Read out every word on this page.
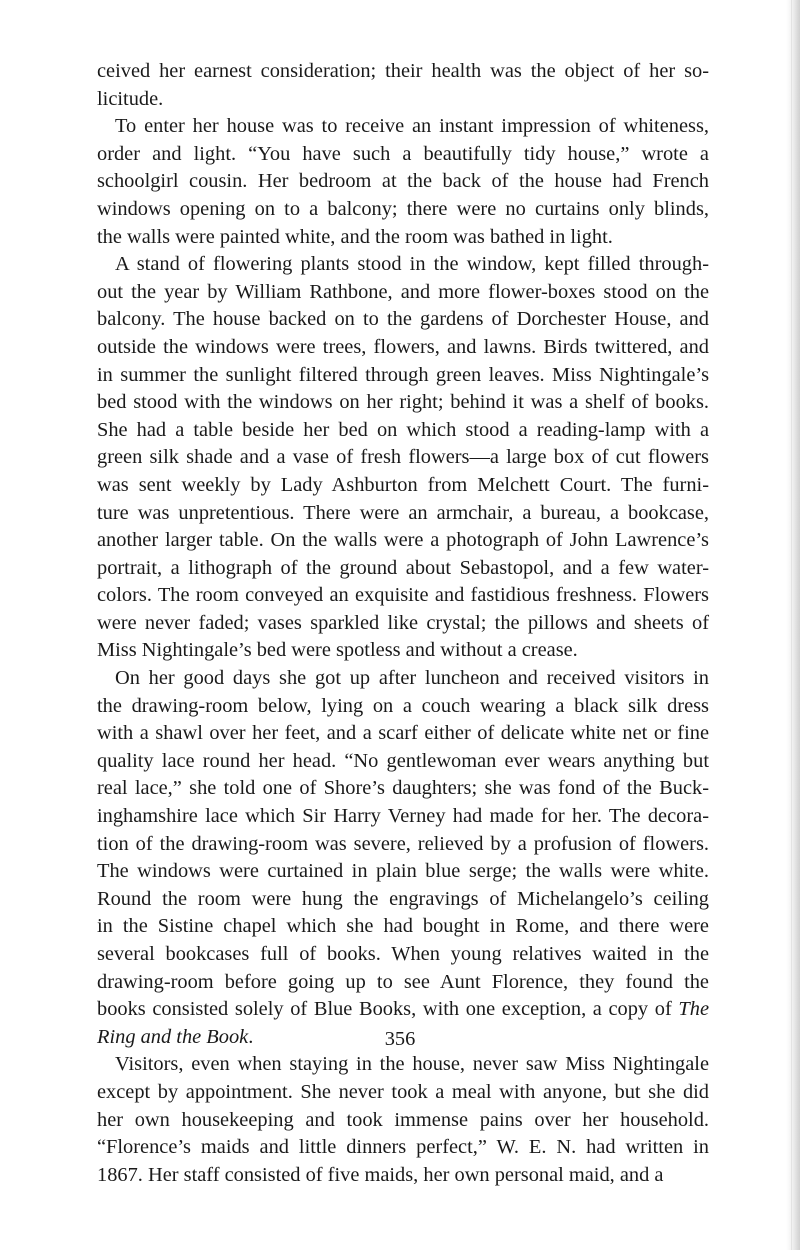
ceived her earnest consideration; their health was the object of her so-
licitude.

To enter her house was to receive an instant impression of whiteness,
order and light. “You have such a beautifully tidy house,” wrote a
schoolgirl cousin. Her bedroom at the back of the house had French
windows opening on to a balcony; there were no curtains only blinds,
the walls were painted white, and the room was bathed in light.

A stand of flowering plants stood in the window, kept filled through-
out the year by William Rathbone, and more flower-boxes stood on the
balcony. The house backed on to the gardens of Dorchester House, and
outside the windows were trees, flowers, and lawns. Birds twittered, and
in summer the sunlight filtered through green leaves. Miss Nightingale’s
bed stood with the windows on her right; behind it was a shelf of books.
She had a table beside her bed on which stood a reading-lamp with a
green silk shade and a vase of fresh flowers—a large box of cut flowers
was sent weekly by Lady Ashburton from Melchett Court. The furni-
ture was unpretentious. There were an armchair, a bureau, a bookcase,
another larger table. On the walls were a photograph of John Lawrence’s
portrait, a lithograph of the ground about Sebastopol, and a few water-
colors. The room conveyed an exquisite and fastidious freshness. Flowers
were never faded; vases sparkled like crystal; the pillows and sheets of
Miss Nightingale’s bed were spotless and without a crease.

On her good days she got up after luncheon and received visitors in
the drawing-room below, lying on a couch wearing a black silk dress
with a shawl over her feet, and a scarf either of delicate white net or fine
quality lace round her head. “No gentlewoman ever wears anything but
real lace,” she told one of Shore’s daughters; she was fond of the Buck-
inghamshire lace which Sir Harry Verney had made for her. The decora-
tion of the drawing-room was severe, relieved by a profusion of flowers.
The windows were curtained in plain blue serge; the walls were white.
Round the room were hung the engravings of Michelangelo’s ceiling
in the Sistine chapel which she had bought in Rome, and there were
several bookcases full of books. When young relatives waited in the
drawing-room before going up to see Aunt Florence, they found the
books consisted solely of Blue Books, with one exception, a copy of The
Ring and the Book.

Visitors, even when staying in the house, never saw Miss Nightingale
except by appointment. She never took a meal with anyone, but she did
her own housekeeping and took immense pains over her household.
“Florence’s maids and little dinners perfect,” W. E. N. had written in
1867. Her staff consisted of five maids, her own personal maid, and a

356
